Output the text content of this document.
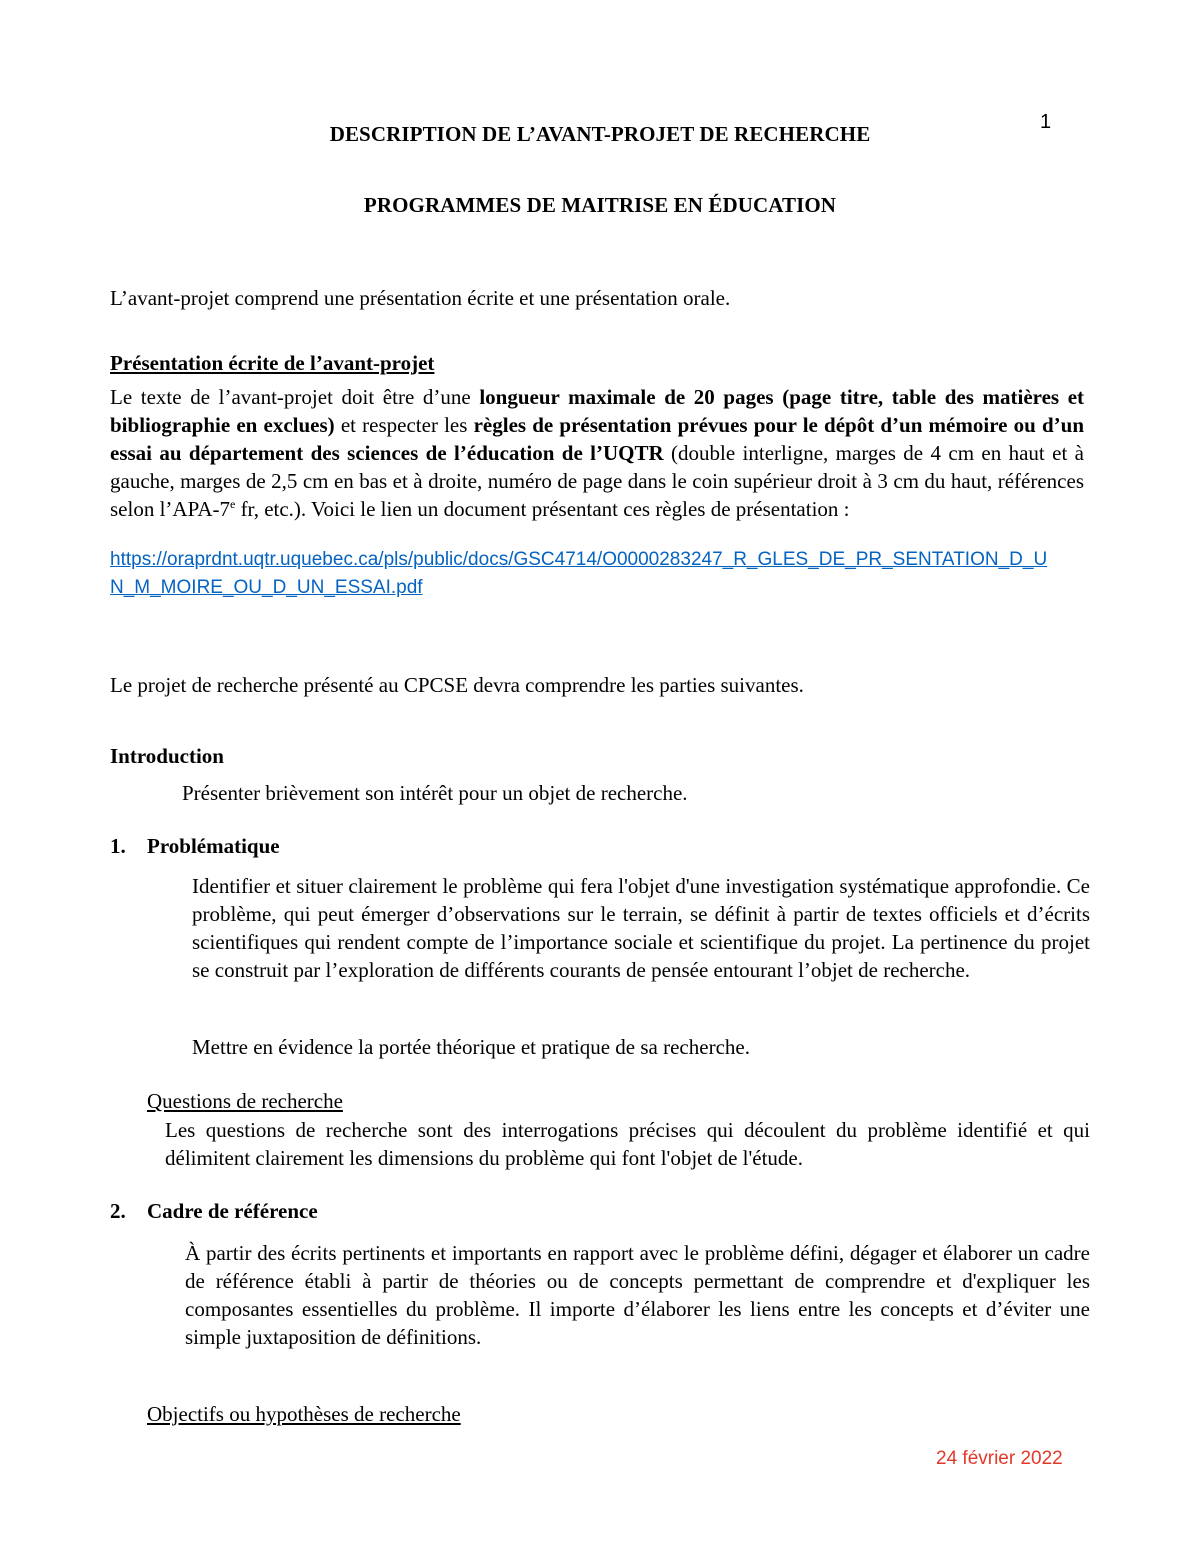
1
DESCRIPTION DE L’AVANT-PROJET DE RECHERCHE
PROGRAMMES DE MAITRISE EN ÉDUCATION
L’avant-projet comprend une présentation écrite et une présentation orale.
Présentation écrite de l’avant-projet
Le texte de l’avant-projet doit être d’une longueur maximale de 20 pages (page titre, table des matières et bibliographie en exclues) et respecter les règles de présentation prévues pour le dépôt d’un mémoire ou d’un essai au département des sciences de l’éducation de l’UQTR (double interligne, marges de 4 cm en haut et à gauche, marges de 2,5 cm en bas et à droite, numéro de page dans le coin supérieur droit à 3 cm du haut, références selon l’APA-7e fr, etc.). Voici le lien un document présentant ces règles de présentation :
https://oraprdnt.uqtr.uquebec.ca/pls/public/docs/GSC4714/O0000283247_R_GLES_DE_PR_SENTATION_D_U
N_M_MOIRE_OU_D_UN_ESSAI.pdf
Le projet de recherche présenté au CPCSE devra comprendre les parties suivantes.
Introduction
Présenter brièvement son intérêt pour un objet de recherche.
1. Problématique
Identifier et situer clairement le problème qui fera l'objet d'une investigation systématique approfondie. Ce problème, qui peut émerger d’observations sur le terrain, se définit à partir de textes officiels et d’écrits scientifiques qui rendent compte de l’importance sociale et scientifique du projet. La pertinence du projet se construit par l’exploration de différents courants de pensée entourant l’objet de recherche.
Mettre en évidence la portée théorique et pratique de sa recherche.
Questions de recherche
Les questions de recherche sont des interrogations précises qui découlent du problème identifié et qui délimitent clairement les dimensions du problème qui font l'objet de l'étude.
2. Cadre de référence
À partir des écrits pertinents et importants en rapport avec le problème défini, dégager et élaborer un cadre de référence établi à partir de théories ou de concepts permettant de comprendre et d'expliquer les composantes essentielles du problème. Il importe d’élaborer les liens entre les concepts et d’éviter une simple juxtaposition de définitions.
Objectifs ou hypothèses de recherche
24 février 2022
